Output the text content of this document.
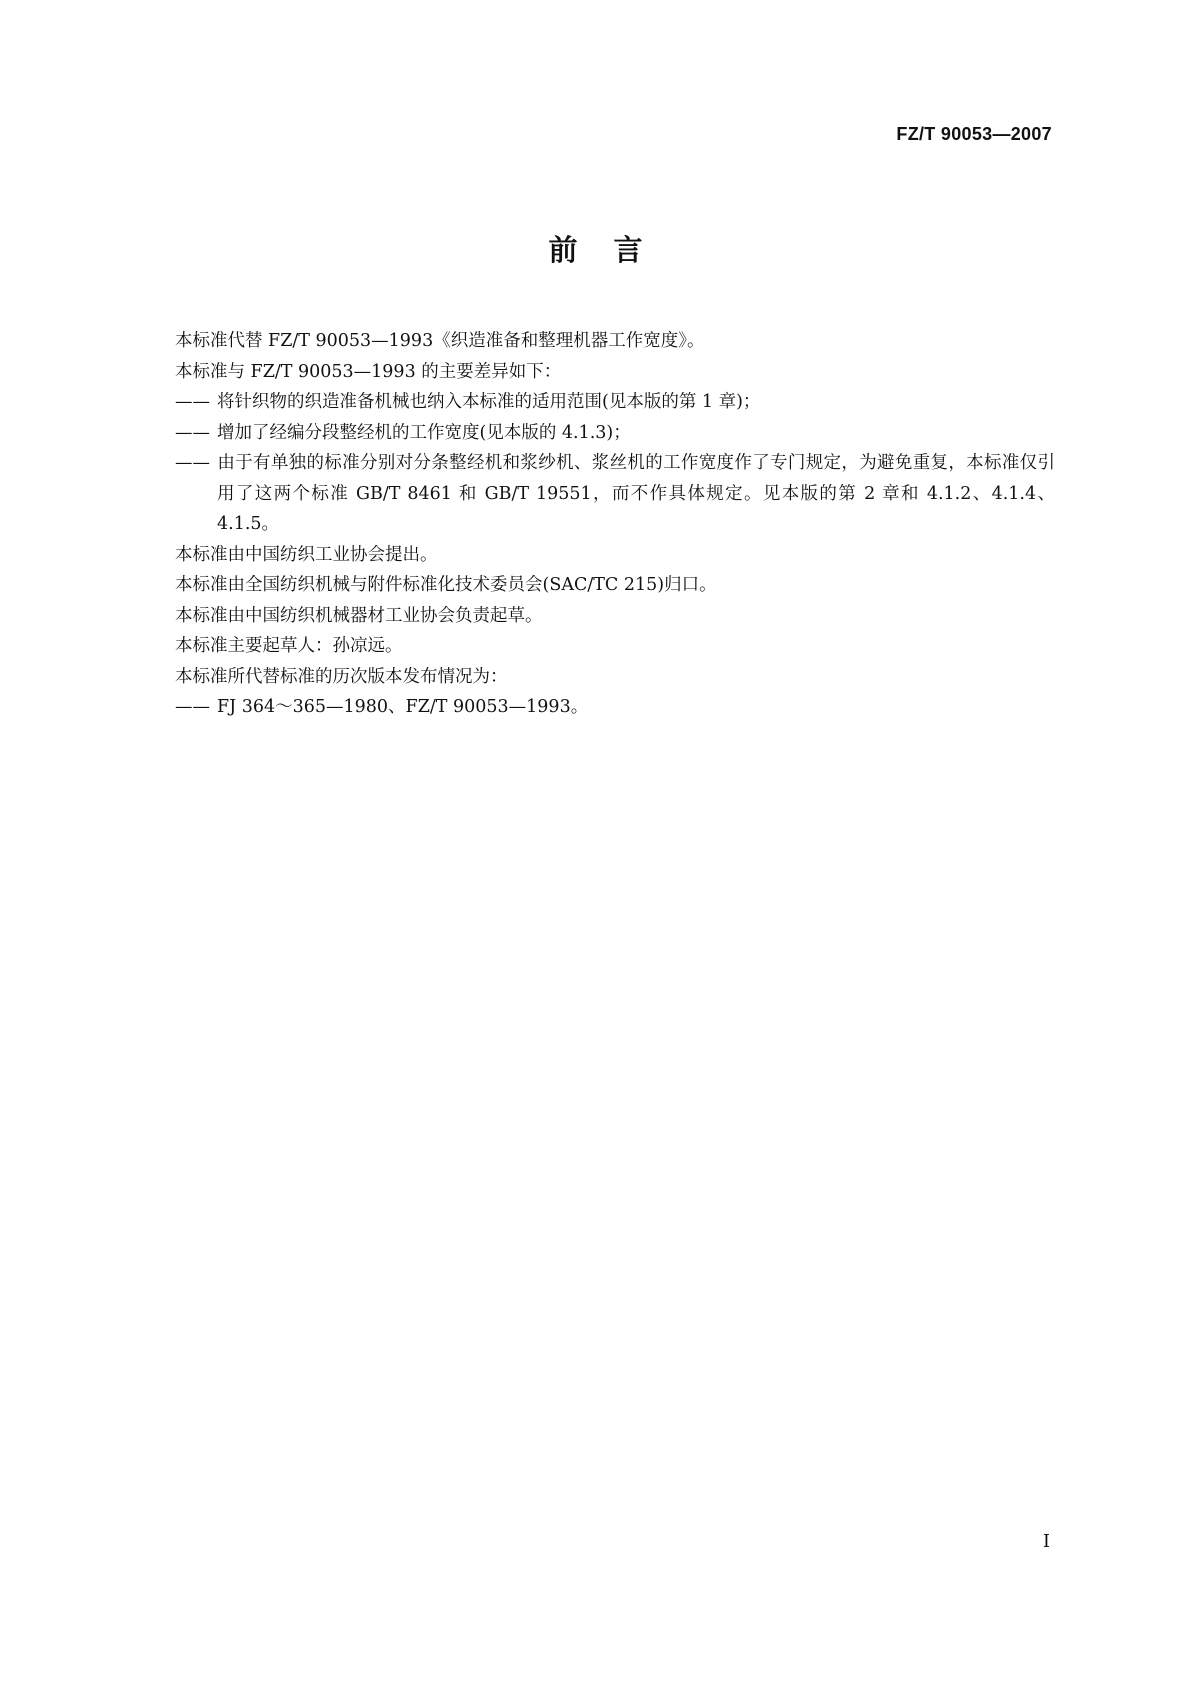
FZ/T 90053—2007
前言

本标准代替 FZ/T 90053—1993《织造准备和整理机器工作宽度》。

本标准与 FZ/T 90053—1993 的主要差异如下：

—— 将针织物的织造准备机械也纳入本标准的适用范围(见本版的第 1 章)；

—— 增加了经编分段整经机的工作宽度(见本版的 4.1.3)；

—— 由于有单独的标准分别对分条整经机和浆纱机、浆丝机的工作宽度作了专门规定，为避免重复，本标准仅引用了这两个标准 GB/T 8461 和 GB/T 19551，而不作具体规定。见本版的第 2 章和 4.1.2、4.1.4、4.1.5。

本标准由中国纺织工业协会提出。

本标准由全国纺织机械与附件标准化技术委员会(SAC/TC 215)归口。

本标准由中国纺织机械器材工业协会负责起草。

本标准主要起草人：孙凉远。

本标准所代替标准的历次版本发布情况为：

—— FJ 364～365—1980、FZ/T 90053—1993。

I
